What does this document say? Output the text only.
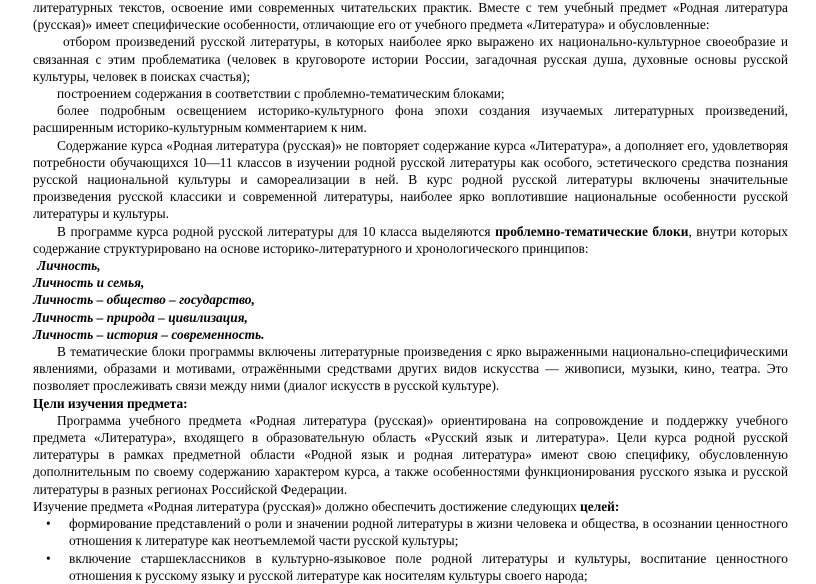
литературных текстов, освоение ими современных читательских практик. Вместе с тем учебный предмет «Родная литература (русская)» имеет специфические особенности, отличающие его от учебного предмета «Литература» и обусловленные:

отбором произведений русской литературы, в которых наиболее ярко выражено их национально-культурное своеобразие и связанная с этим проблематика (человек в круговороте истории России, загадочная русская душа, духовные основы русской культуры, человек в поисках счастья);

построением содержания в соответствии с проблемно-тематическим блоками;

более подробным освещением историко-культурного фона эпохи создания изучаемых литературных произведений, расширенным историко-культурным комментарием к ним.

Содержание курса «Родная литература (русская)» не повторяет содержание курса «Литература», а дополняет его, удовлетворяя потребности обучающихся 10—11 классов в изучении родной русской литературы как особого, эстетического средства познания русской национальной культуры и самореализации в ней. В курс родной русской литературы включены значительные произведения русской классики и современной литературы, наиболее ярко воплотившие национальные особенности русской литературы и культуры.

В программе курса родной русской литературы для 10 класса выделяются проблемно-тематические блоки, внутри которых содержание структурировано на основе историко-литературного и хронологического принципов:

Личность,

Личность и семья,

Личность – общество – государство,

Личность – природа – цивилизация,

Личность – история – современность.

В тематические блоки программы включены литературные произведения с ярко выраженными национально-специфическими явлениями, образами и мотивами, отражёнными средствами других видов искусства — живописи, музыки, кино, театра. Это позволяет прослеживать связи между ними (диалог искусств в русской культуре).

Цели изучения предмета:

Программа учебного предмета «Родная литература (русская)» ориентирована на сопровождение и поддержку учебного предмета «Литература», входящего в образовательную область «Русский язык и литература». Цели курса родной русской литературы в рамках предметной области «Родной язык и родная литература» имеют свою специфику, обусловленную дополнительным по своему содержанию характером курса, а также особенностями функционирования русского языка и русской литературы в разных регионах Российской Федерации.

Изучение предмета «Родная литература (русская)» должно обеспечить достижение следующих целей:

• формирование представлений о роли и значении родной литературы в жизни человека и общества, в осознании ценностного отношения к литературе как неотъемлемой части русской культуры;
• включение старшеклассников в культурно-языковое поле родной литературы и культуры, воспитание ценностного отношения к русскому языку и русской литературе как носителям культуры своего народа;
